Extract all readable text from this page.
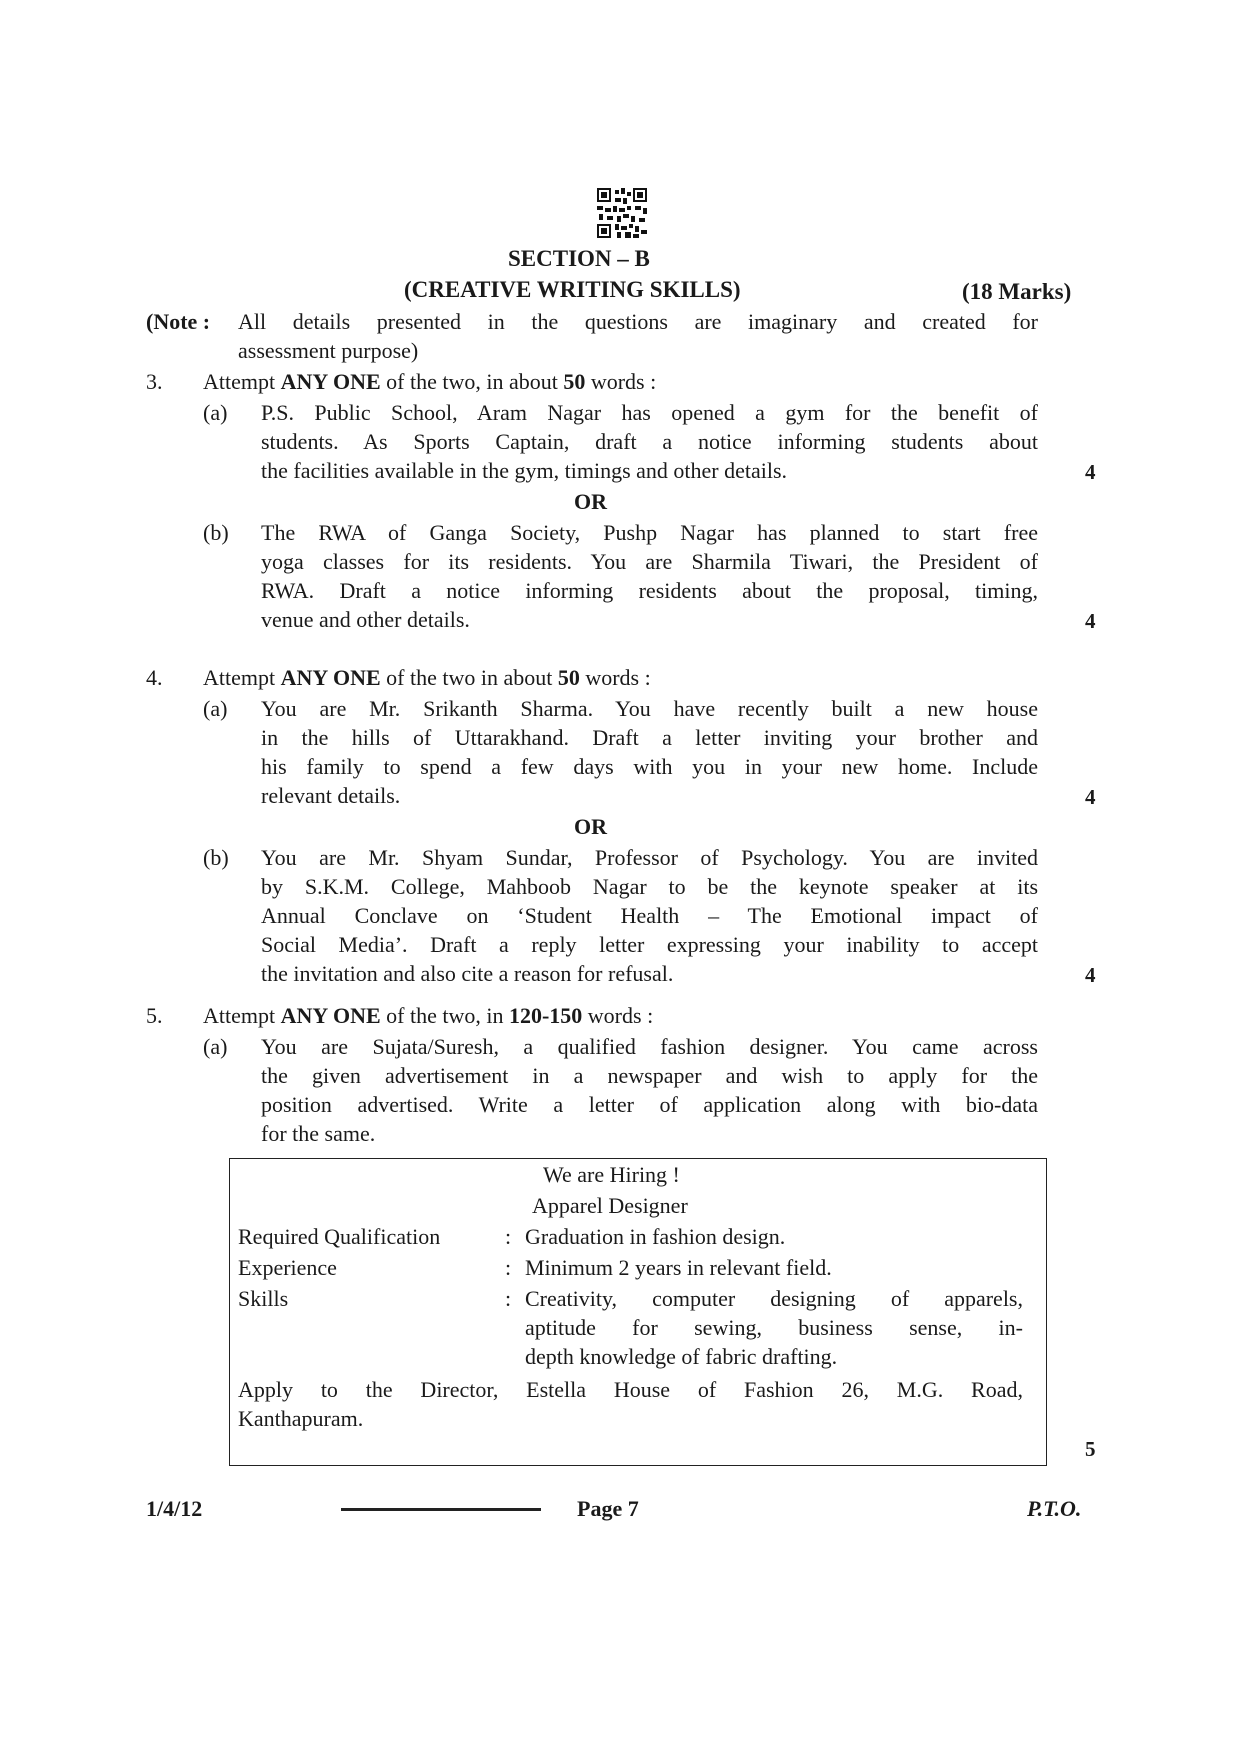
SECTION – B
(CREATIVE WRITING SKILLS)	(18 Marks)
(Note : All details presented in the questions are imaginary and created for
assessment purpose)
3. Attempt ANY ONE of the two, in about 50 words :
(a) P.S. Public School, Aram Nagar has opened a gym for the benefit of
students. As Sports Captain, draft a notice informing students about
the facilities available in the gym, timings and other details.	4
OR
(b) The RWA of Ganga Society, Pushp Nagar has planned to start free
yoga classes for its residents. You are Sharmila Tiwari, the President of
RWA. Draft a notice informing residents about the proposal, timing,
venue and other details.	4
4. Attempt ANY ONE of the two in about 50 words :
(a) You are Mr. Srikanth Sharma. You have recently built a new house
in the hills of Uttarakhand. Draft a letter inviting your brother and
his family to spend a few days with you in your new home. Include
relevant details.	4
OR
(b) You are Mr. Shyam Sundar, Professor of Psychology. You are invited
by S.K.M. College, Mahboob Nagar to be the keynote speaker at its
Annual Conclave on ‘Student Health – The Emotional impact of
Social Media’. Draft a reply letter expressing your inability to accept
the invitation and also cite a reason for refusal.	4
5. Attempt ANY ONE of the two, in 120-150 words :
(a) You are Sujata/Suresh, a qualified fashion designer. You came across
the given advertisement in a newspaper and wish to apply for the
position advertised. Write a letter of application along with bio-data
for the same.
We are Hiring !
Apparel Designer
Required Qualification	: Graduation in fashion design.
Experience	: Minimum 2 years in relevant field.
Skills	: Creativity, computer designing of apparels,
aptitude for sewing, business sense, in-
depth knowledge of fabric drafting.
Apply to the Director, Estella House of Fashion 26, M.G. Road,
Kanthapuram.
5
1/4/12	Page 7	P.T.O.
